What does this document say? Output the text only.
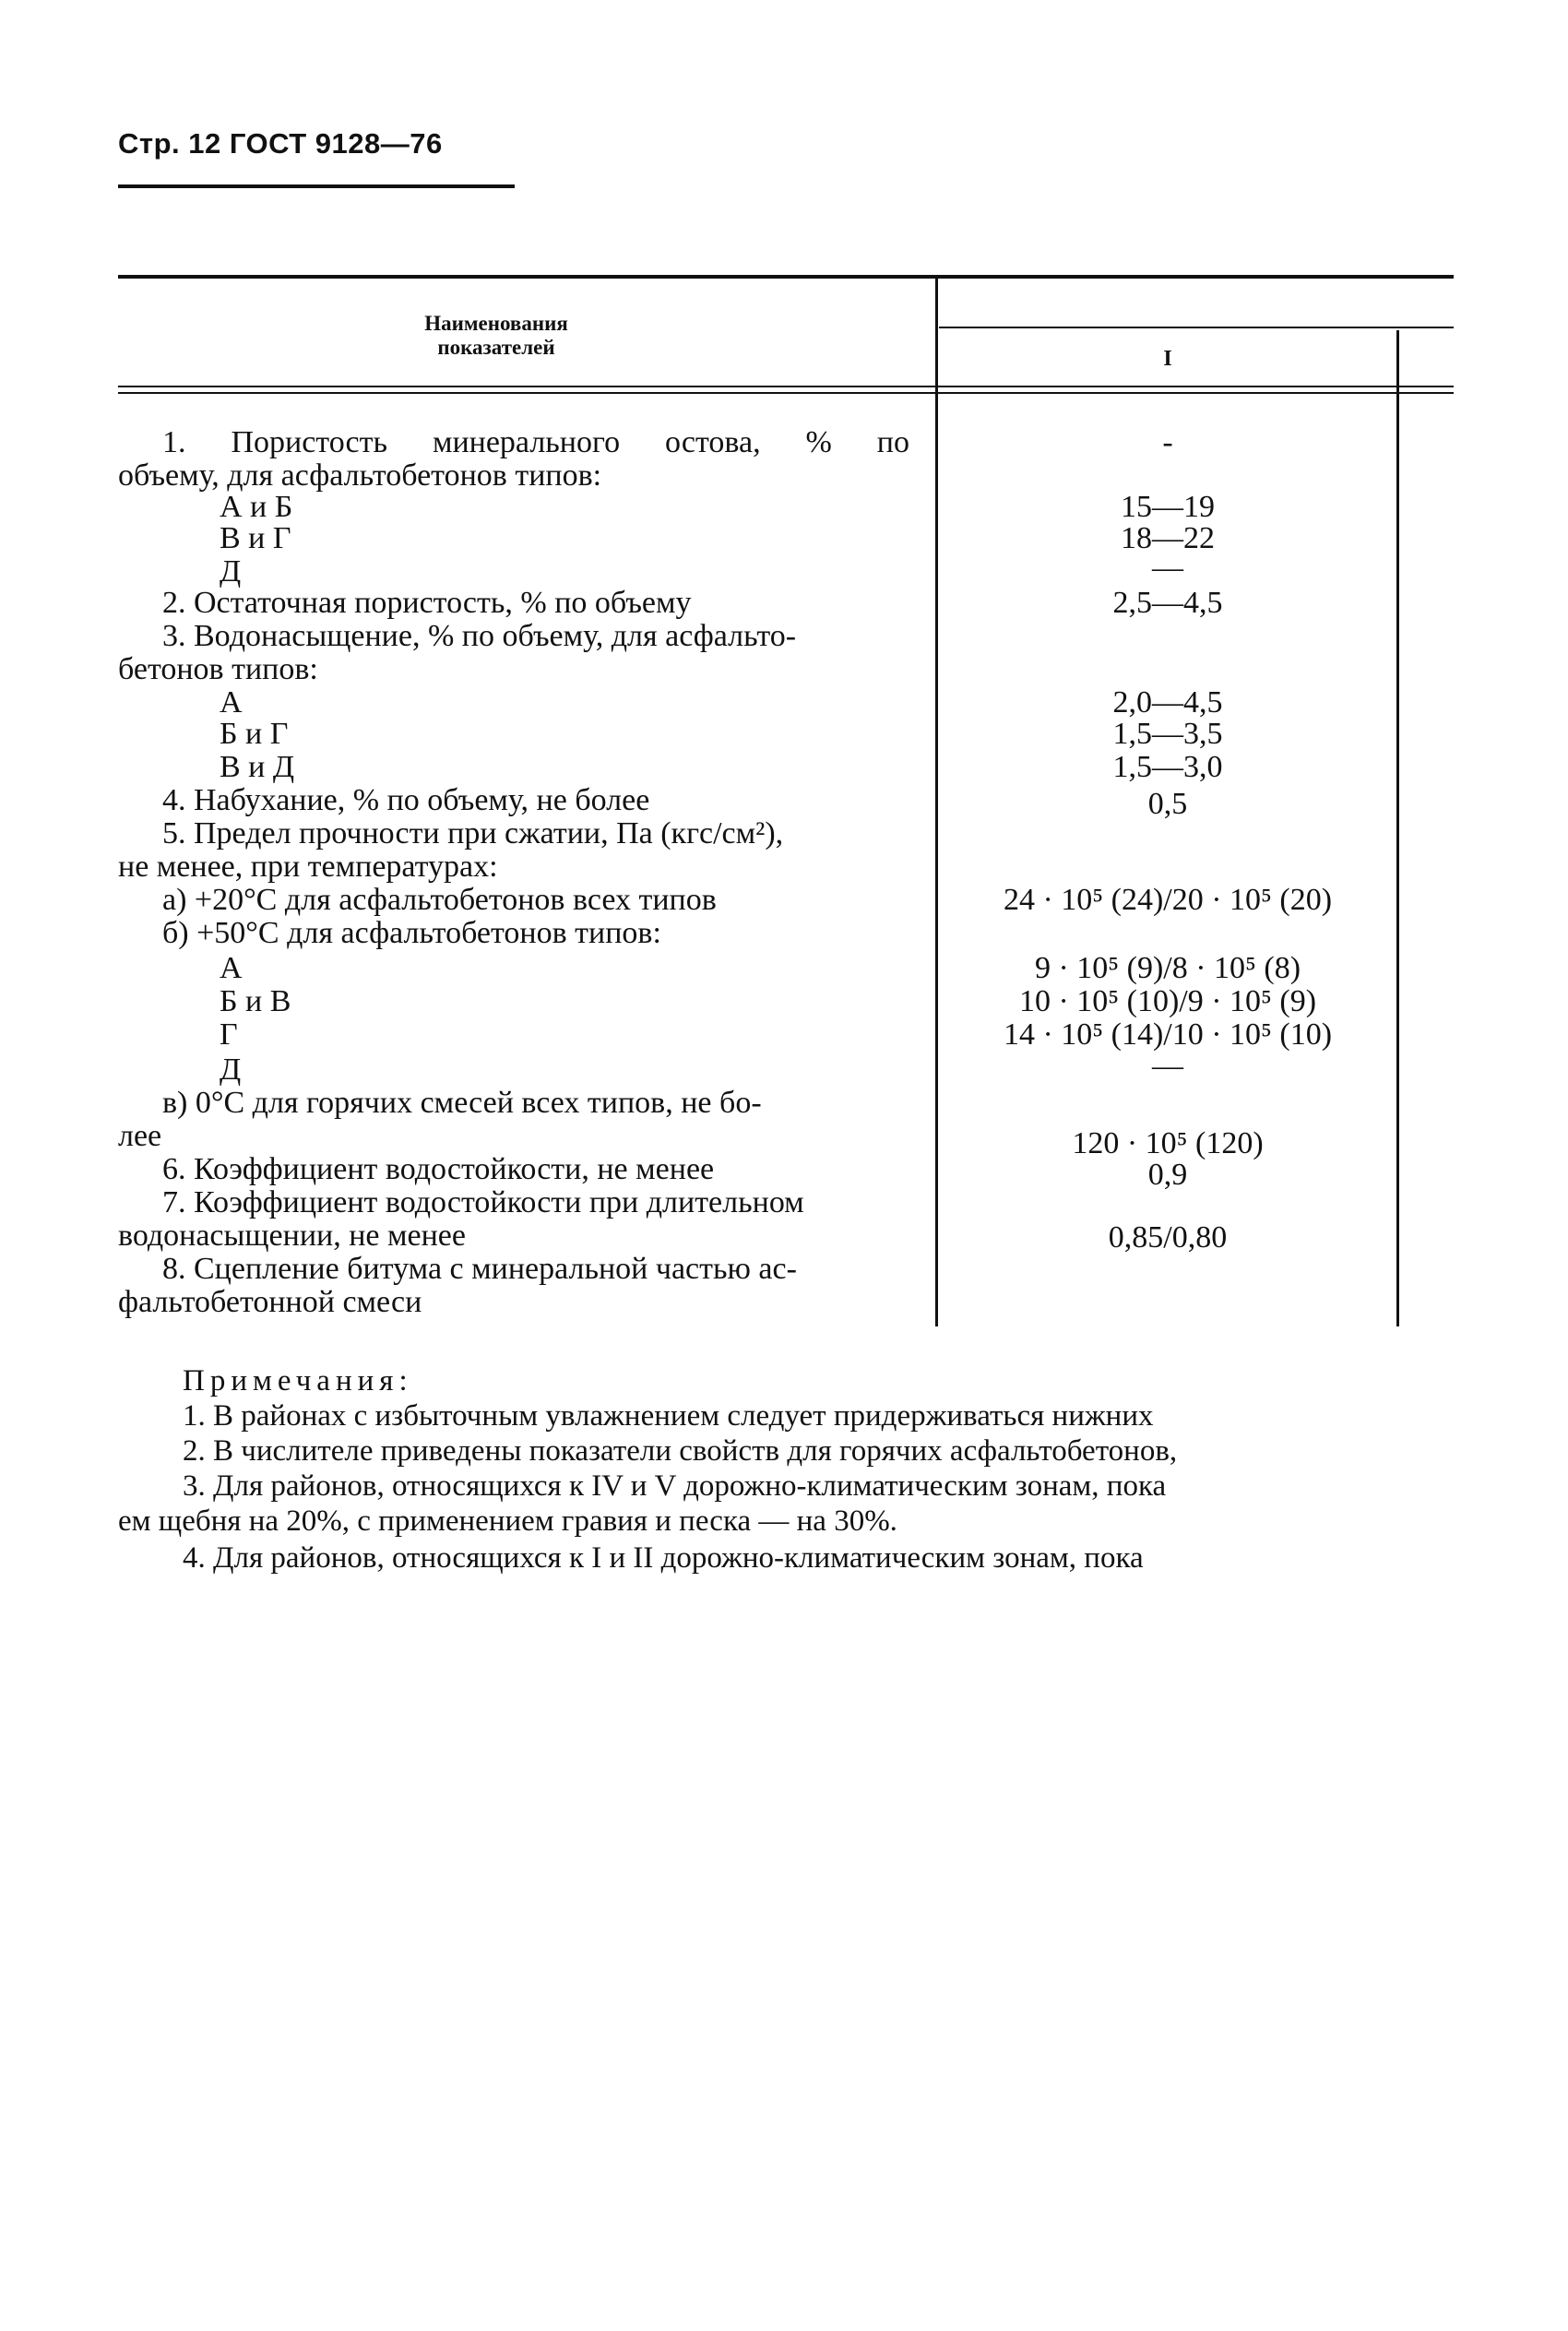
Стр. 12 ГОСТ 9128—76
Наименования
показателей	I
1. Пористость минерального остова, % по	-
объему, для асфальтобетонов типов:
А и Б	15—19
В и Г	18—22
Д	—
2. Остаточная пористость, % по объему	2,5—4,5
3. Водонасыщение, % по объему, для асфальто-
бетонов типов:
А	2,0—4,5
Б и Г	1,5—3,5
В и Д	1,5—3,0
4. Набухание, % по объему, не более	0,5
5. Предел прочности при сжатии, Па (кгс/см²),
не менее, при температурах:
а) +20°С для асфальтобетонов всех типов	24 · 10⁵ (24)/20 · 10⁵ (20)
б) +50°С для асфальтобетонов типов:
А	9 · 10⁵ (9)/8 · 10⁵ (8)
Б и В	10 · 10⁵ (10)/9 · 10⁵ (9)
Г	14 · 10⁵ (14)/10 · 10⁵ (10)
Д	—
в) 0°С для горячих смесей всех типов, не бо-
лее	120 · 10⁵ (120)
6. Коэффициент водостойкости, не менее	0,9
7. Коэффициент водостойкости при длительном
водонасыщении, не менее	0,85/0,80
8. Сцепление битума с минеральной частью ас-
фальтобетонной смеси
Примечания:
1. В районах с избыточным увлажнением следует придерживаться нижних
2. В числителе приведены показатели свойств для горячих асфальтобетонов,
3. Для районов, относящихся к IV и V дорожно-климатическим зонам, пока
ем щебня на 20%, с применением гравия и песка — на 30%.
4. Для районов, относящихся к I и II дорожно-климатическим зонам, пока
